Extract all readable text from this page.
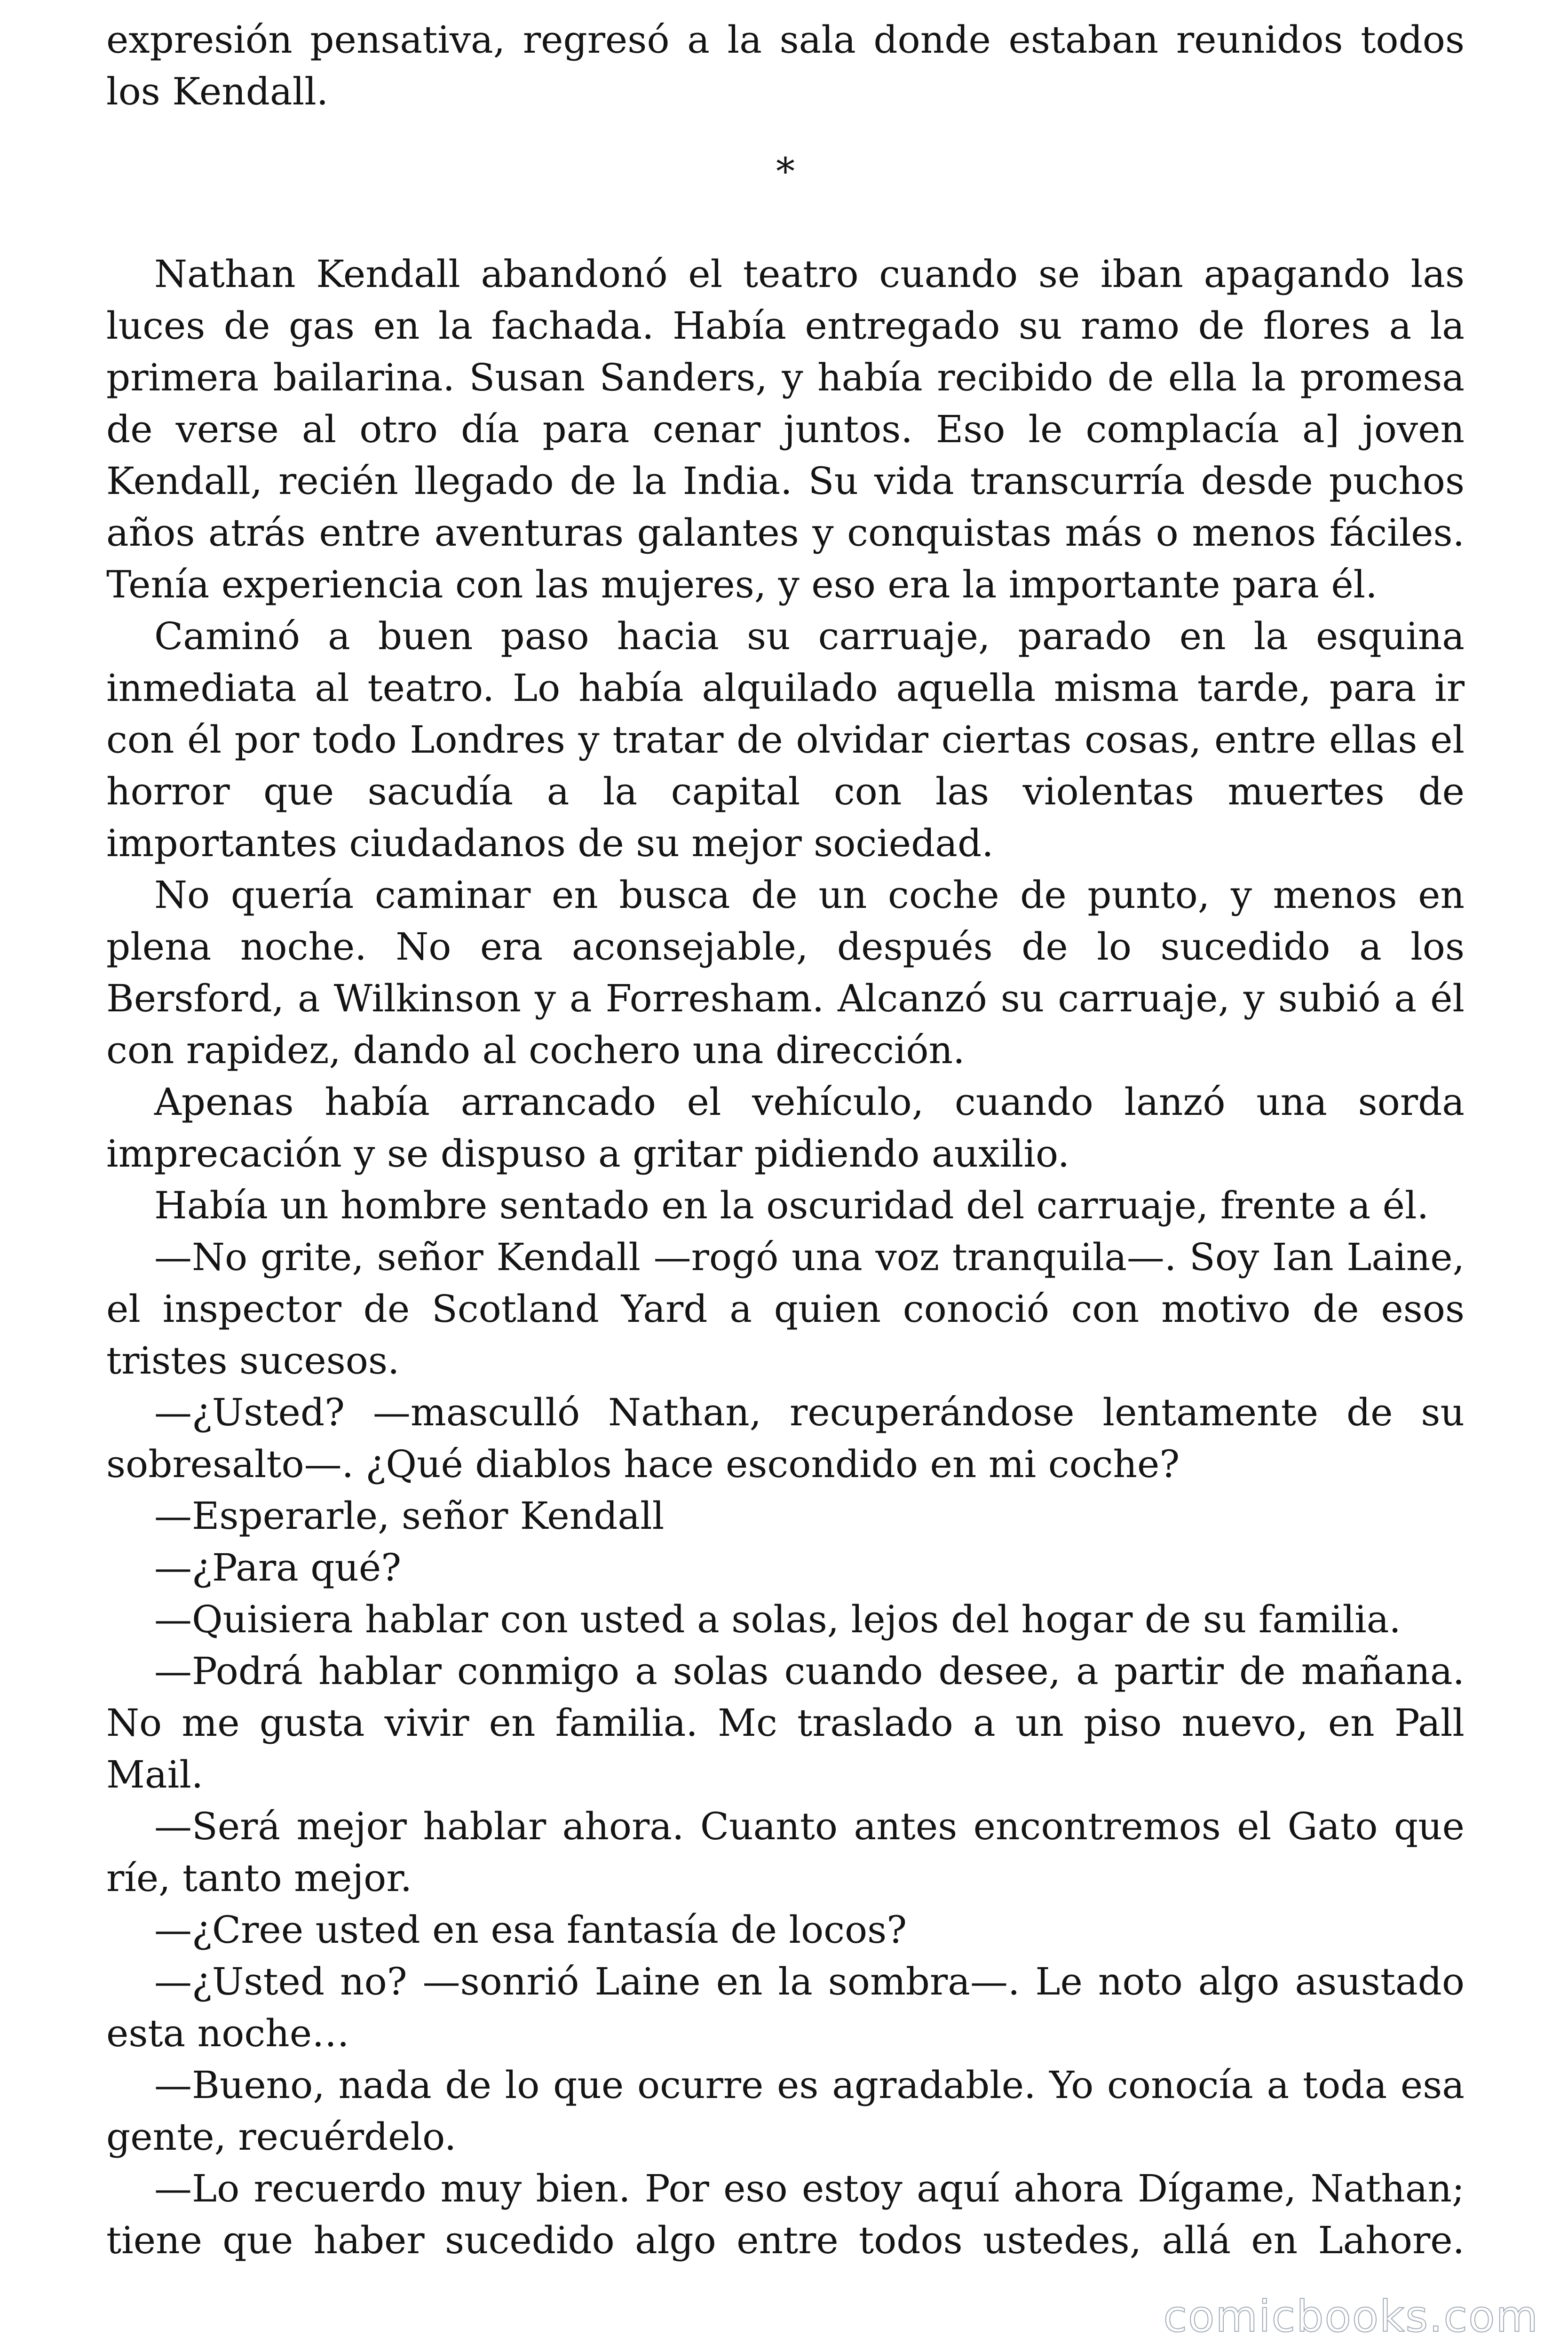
expresión pensativa, regresó a la sala donde estaban reunidos todos los Kendall.

*

Nathan Kendall abandonó el teatro cuando se iban apagando las luces de gas en la fachada. Había entregado su ramo de flores a la primera bailarina. Susan Sanders, y había recibido de ella la promesa de verse al otro día para cenar juntos. Eso le complacía a] joven Kendall, recién llegado de la India. Su vida transcurría desde puchos años atrás entre aventuras galantes y conquistas más o menos fáciles. Tenía experiencia con las mujeres, y eso era la importante para él.

Caminó a buen paso hacia su carruaje, parado en la esquina inmediata al teatro. Lo había alquilado aquella misma tarde, para ir con él por todo Londres y tratar de olvidar ciertas cosas, entre ellas el horror que sacudía a la capital con las violentas muertes de importantes ciudadanos de su mejor sociedad.

No quería caminar en busca de un coche de punto, y menos en plena noche. No era aconsejable, después de lo sucedido a los Bersford, a Wilkinson y a Forresham. Alcanzó su carruaje, y subió a él con rapidez, dando al cochero una dirección.

Apenas había arrancado el vehículo, cuando lanzó una sorda imprecación y se dispuso a gritar pidiendo auxilio.

Había un hombre sentado en la oscuridad del carruaje, frente a él.

—No grite, señor Kendall —rogó una voz tranquila—. Soy Ian Laine, el inspector de Scotland Yard a quien conoció con motivo de esos tristes sucesos.

—¿Usted? —masculló Nathan, recuperándose lentamente de su sobresalto—. ¿Qué diablos hace escondido en mi coche?

—Esperarle, señor Kendall

—¿Para qué?

—Quisiera hablar con usted a solas, lejos del hogar de su familia.

—Podrá hablar conmigo a solas cuando desee, a partir de mañana. No me gusta vivir en familia. Mc traslado a un piso nuevo, en Pall Mail.

—Será mejor hablar ahora. Cuanto antes encontremos el Gato que ríe, tanto mejor.

—¿Cree usted en esa fantasía de locos?

—¿Usted no? —sonrió Laine en la sombra—. Le noto algo asustado esta noche…

—Bueno, nada de lo que ocurre es agradable. Yo conocía a toda esa gente, recuérdelo.

—Lo recuerdo muy bien. Por eso estoy aquí ahora Dígame, Nathan; tiene que haber sucedido algo entre todos ustedes, allá en Lahore.

comicbooks.com
